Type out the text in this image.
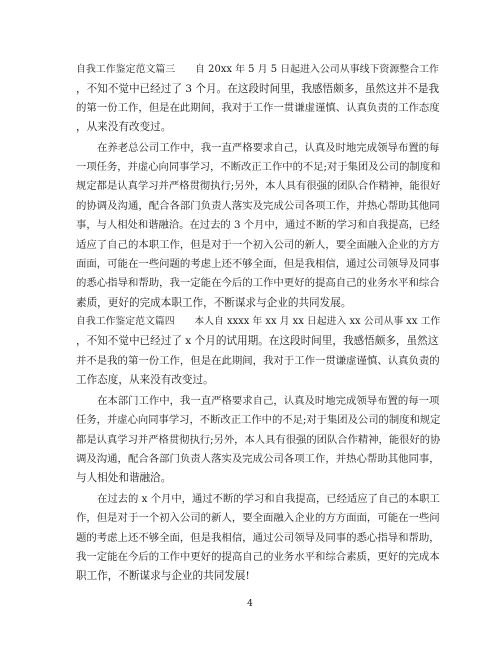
自我工作鉴定范文篇三　　自 20xx 年 5 月 5 日起进入公司从事线下资源整合工作
，不知不觉中已经过了 3 个月。在这段时间里，我感悟颇多，虽然这并不是我
的第一份工作，但是在此期间，我对于工作一贯谦虚谨慎、认真负责的工作态度
，从来没有改变过。
在养老总公司工作中，我一直严格要求自己，认真及时地完成领导布置的每
一项任务，并虚心向同事学习，不断改正工作中的不足;对于集团及公司的制度和
规定都是认真学习并严格贯彻执行;另外，本人具有很强的团队合作精神，能很好
的协调及沟通，配合各部门负责人落实及完成公司各项工作，并热心帮助其他同
事，与人相处和谐融洽。在过去的 3 个月中，通过不断的学习和自我提高，已经
适应了自己的本职工作，但是对于一个初入公司的新人，要全面融入企业的方方
面面，可能在一些问题的考虑上还不够全面，但是我相信，通过公司领导及同事
的悉心指导和帮助，我一定能在今后的工作中更好的提高自己的业务水平和综合
素质，更好的完成本职工作，不断谋求与企业的共同发展。
自我工作鉴定范文篇四　　本人自 xxxx 年 xx 月 xx 日起进入 xx 公司从事 xx 工作
，不知不觉中已经过了 x 个月的试用期。在这段时间里，我感悟颇多，虽然这
并不是我的第一份工作，但是在此期间，我对于工作一贯谦虚谨慎、认真负责的
工作态度，从来没有改变过。
在本部门工作中，我一直严格要求自己，认真及时地完成领导布置的每一项
任务，并虚心向同事学习，不断改正工作中的不足;对于集团及公司的制度和规定
都是认真学习并严格贯彻执行;另外，本人具有很强的团队合作精神，能很好的协
调及沟通，配合各部门负责人落实及完成公司各项工作，并热心帮助其他同事，
与人相处和谐融洽。
在过去的 x 个月中，通过不断的学习和自我提高，已经适应了自己的本职工
作，但是对于一个初入公司的新人，要全面融入企业的方方面面，可能在一些问
题的考虑上还不够全面，但是我相信，通过公司领导及同事的悉心指导和帮助，
我一定能在今后的工作中更好的提高自己的业务水平和综合素质，更好的完成本
职工作，不断谋求与企业的共同发展!
4
